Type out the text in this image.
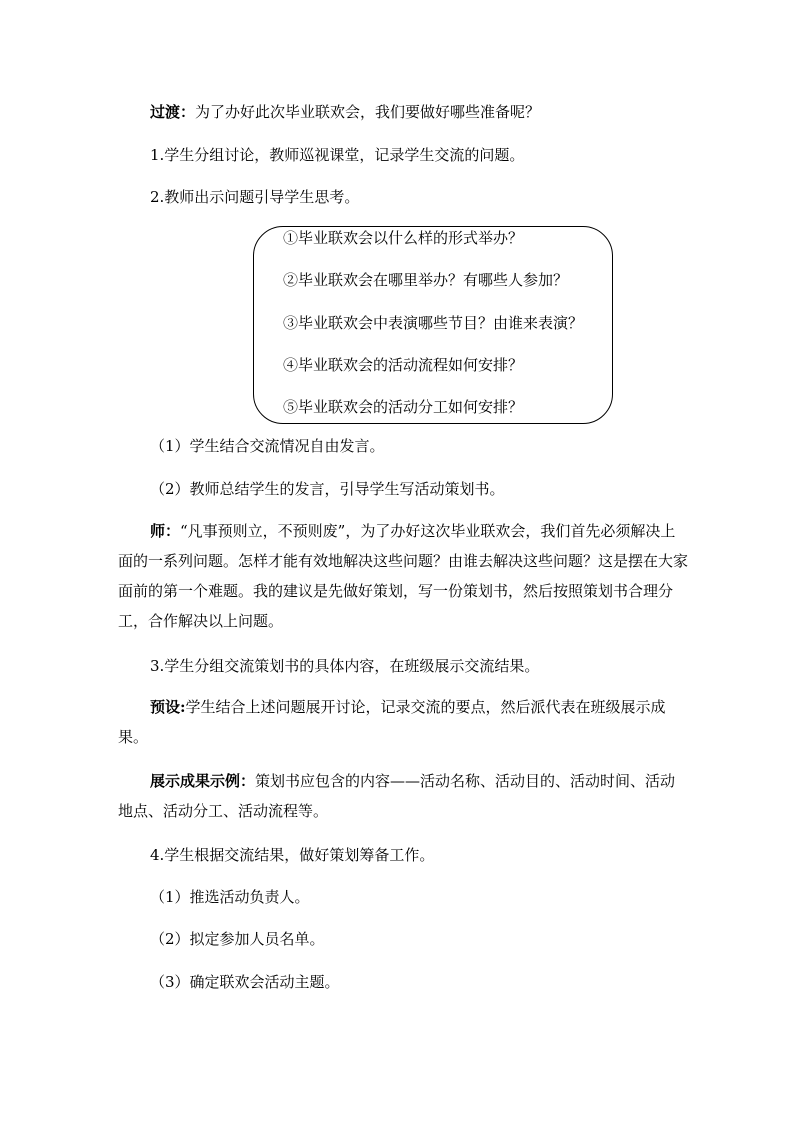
过渡：为了办好此次毕业联欢会，我们要做好哪些准备呢？
1.学生分组讨论，教师巡视课堂，记录学生交流的问题。
2.教师出示问题引导学生思考。
①毕业联欢会以什么样的形式举办？
②毕业联欢会在哪里举办？有哪些人参加？
③毕业联欢会中表演哪些节目？由谁来表演？
④毕业联欢会的活动流程如何安排？
⑤毕业联欢会的活动分工如何安排？
（1）学生结合交流情况自由发言。
（2）教师总结学生的发言，引导学生写活动策划书。
师：“凡事预则立，不预则废”，为了办好这次毕业联欢会，我们首先必须解决上面的一系列问题。怎样才能有效地解决这些问题？由谁去解决这些问题？这是摆在大家面前的第一个难题。我的建议是先做好策划，写一份策划书，然后按照策划书合理分工，合作解决以上问题。
3.学生分组交流策划书的具体内容，在班级展示交流结果。
预设:学生结合上述问题展开讨论，记录交流的要点，然后派代表在班级展示成果。
展示成果示例：策划书应包含的内容——活动名称、活动目的、活动时间、活动地点、活动分工、活动流程等。
4.学生根据交流结果，做好策划筹备工作。
（1）推选活动负责人。
（2）拟定参加人员名单。
（3）确定联欢会活动主题。
